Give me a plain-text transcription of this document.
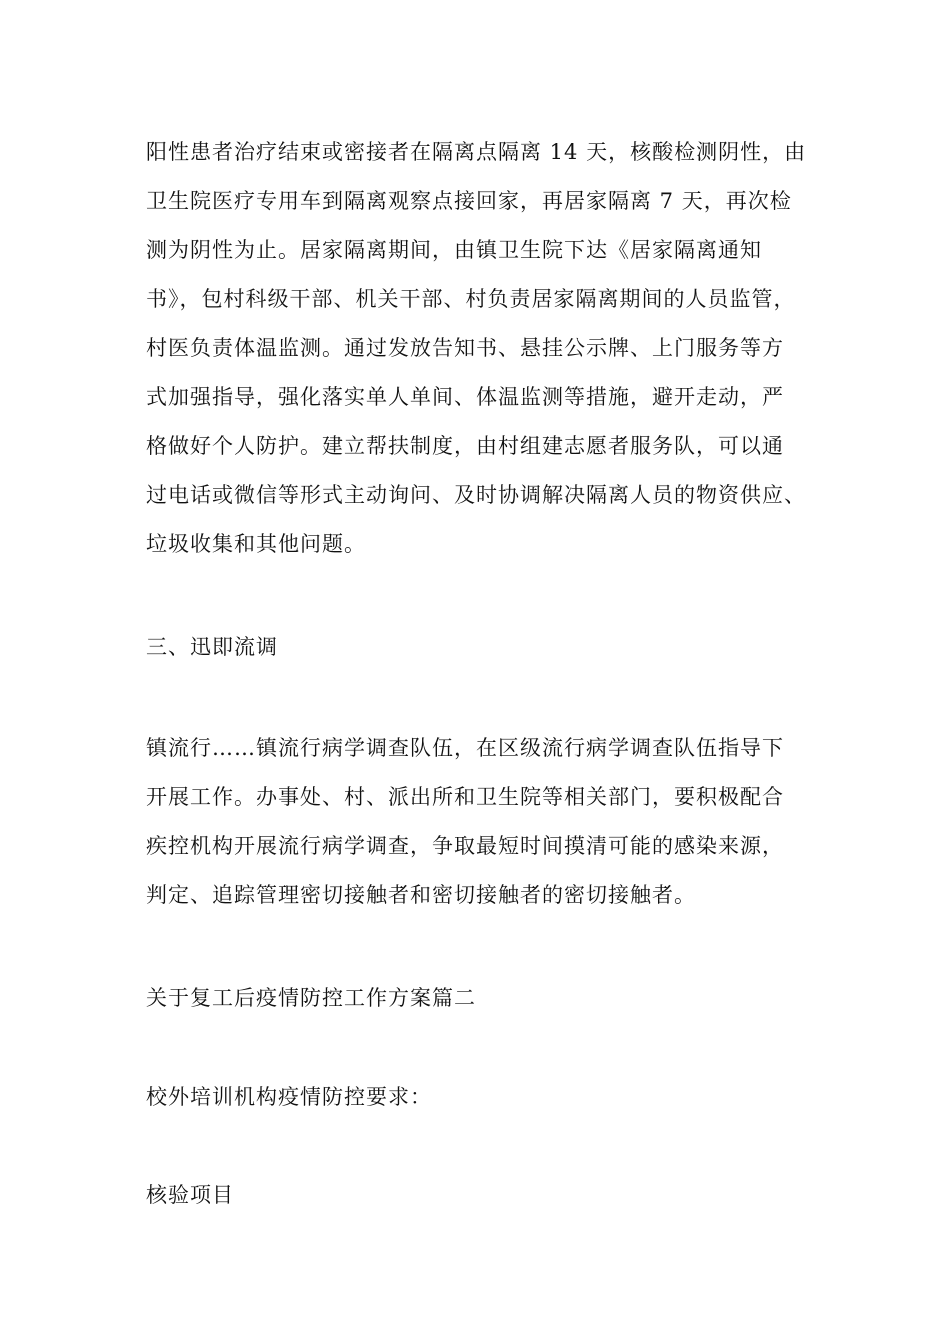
阳性患者治疗结束或密接者在隔离点隔离 14 天，核酸检测阴性，由
卫生院医疗专用车到隔离观察点接回家，再居家隔离 7 天，再次检
测为阴性为止。居家隔离期间，由镇卫生院下达《居家隔离通知
书》，包村科级干部、机关干部、村负责居家隔离期间的人员监管，
村医负责体温监测。通过发放告知书、悬挂公示牌、上门服务等方
式加强指导，强化落实单人单间、体温监测等措施，避开走动，严
格做好个人防护。建立帮扶制度，由村组建志愿者服务队，可以通
过电话或微信等形式主动询问、及时协调解决隔离人员的物资供应、
垃圾收集和其他问题。
三、迅即流调
镇流行……镇流行病学调查队伍，在区级流行病学调查队伍指导下
开展工作。办事处、村、派出所和卫生院等相关部门，要积极配合
疾控机构开展流行病学调查，争取最短时间摸清可能的感染来源，
判定、追踪管理密切接触者和密切接触者的密切接触者。
关于复工后疫情防控工作方案篇二
校外培训机构疫情防控要求：
核验项目
